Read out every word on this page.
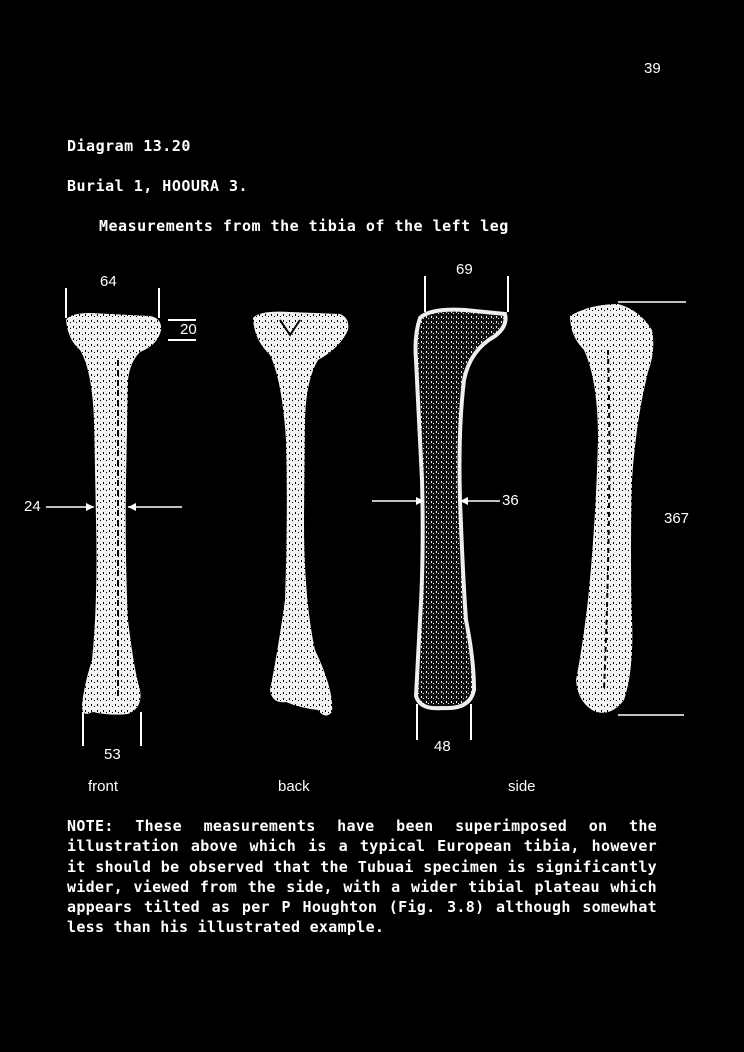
39
Diagram 13.20
Burial 1, HOOURA 3.
Measurements from the tibia of the left leg
64
20
24
53
69
36
48
367
front	back	side
NOTE: These measurements have been superimposed on the illustration above which is a typical European tibia, however it should be observed that the Tubuai specimen is significantly wider, viewed from the side, with a wider tibial plateau which appears tilted as per P Houghton (Fig. 3.8) although somewhat less than his illustrated example.
